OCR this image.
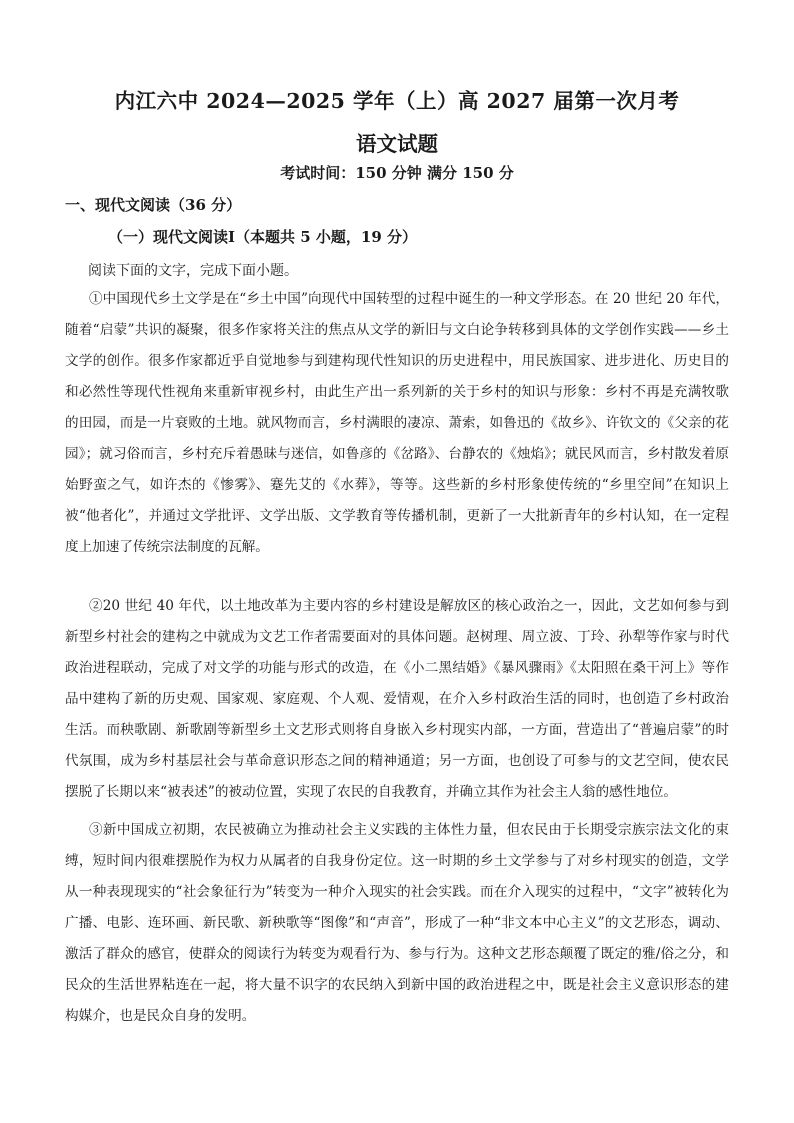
内江六中 2024—2025 学年（上）高 2027 届第一次月考
语文试题
考试时间：150 分钟 满分 150 分
一、现代文阅读（36 分）
（一）现代文阅读Ⅰ（本题共 5 小题，19 分）
阅读下面的文字，完成下面小题。

①中国现代乡土文学是在“乡土中国”向现代中国转型的过程中诞生的一种文学形态。在 20 世纪 20 年代，随着“启蒙”共识的凝聚，很多作家将关注的焦点从文学的新旧与文白论争转移到具体的文学创作实践——乡土文学的创作。很多作家都近乎自觉地参与到建构现代性知识的历史进程中，用民族国家、进步进化、历史目的和必然性等现代性视角来重新审视乡村，由此生产出一系列新的关于乡村的知识与形象：乡村不再是充满牧歌的田园，而是一片衰败的土地。就风物而言，乡村满眼的凄凉、萧索，如鲁迅的《故乡》、许钦文的《父亲的花园》；就习俗而言，乡村充斥着愚昧与迷信，如鲁彦的《岔路》、台静农的《烛焰》；就民风而言，乡村散发着原始野蛮之气，如许杰的《惨雾》、蹇先艾的《水葬》，等等。这些新的乡村形象使传统的“乡里空间”在知识上被“他者化”，并通过文学批评、文学出版、文学教育等传播机制，更新了一大批新青年的乡村认知，在一定程度上加速了传统宗法制度的瓦解。

②20 世纪 40 年代，以土地改革为主要内容的乡村建设是解放区的核心政治之一，因此，文艺如何参与到新型乡村社会的建构之中就成为文艺工作者需要面对的具体问题。赵树理、周立波、丁玲、孙犁等作家与时代政治进程联动，完成了对文学的功能与形式的改造，在《小二黑结婚》《暴风骤雨》《太阳照在桑干河上》等作品中建构了新的历史观、国家观、家庭观、个人观、爱情观，在介入乡村政治生活的同时，也创造了乡村政治生活。而秧歌剧、新歌剧等新型乡土文艺形式则将自身嵌入乡村现实内部，一方面，营造出了“普遍启蒙”的时代氛围，成为乡村基层社会与革命意识形态之间的精神通道；另一方面，也创设了可参与的文艺空间，使农民摆脱了长期以来“被表述”的被动位置，实现了农民的自我教育，并确立其作为社会主人翁的感性地位。

③新中国成立初期，农民被确立为推动社会主义实践的主体性力量，但农民由于长期受宗族宗法文化的束缚，短时间内很难摆脱作为权力从属者的自我身份定位。这一时期的乡土文学参与了对乡村现实的创造，文学从一种表现现实的“社会象征行为”转变为一种介入现实的社会实践。而在介入现实的过程中，“文字”被转化为广播、电影、连环画、新民歌、新秧歌等“图像”和“声音”，形成了一种“非文本中心主义”的文艺形态，调动、激活了群众的感官，使群众的阅读行为转变为观看行为、参与行为。这种文艺形态颠覆了既定的雅/俗之分，和民众的生活世界粘连在一起，将大量不识字的农民纳入到新中国的政治进程之中，既是社会主义意识形态的建构媒介，也是民众自身的发明。
